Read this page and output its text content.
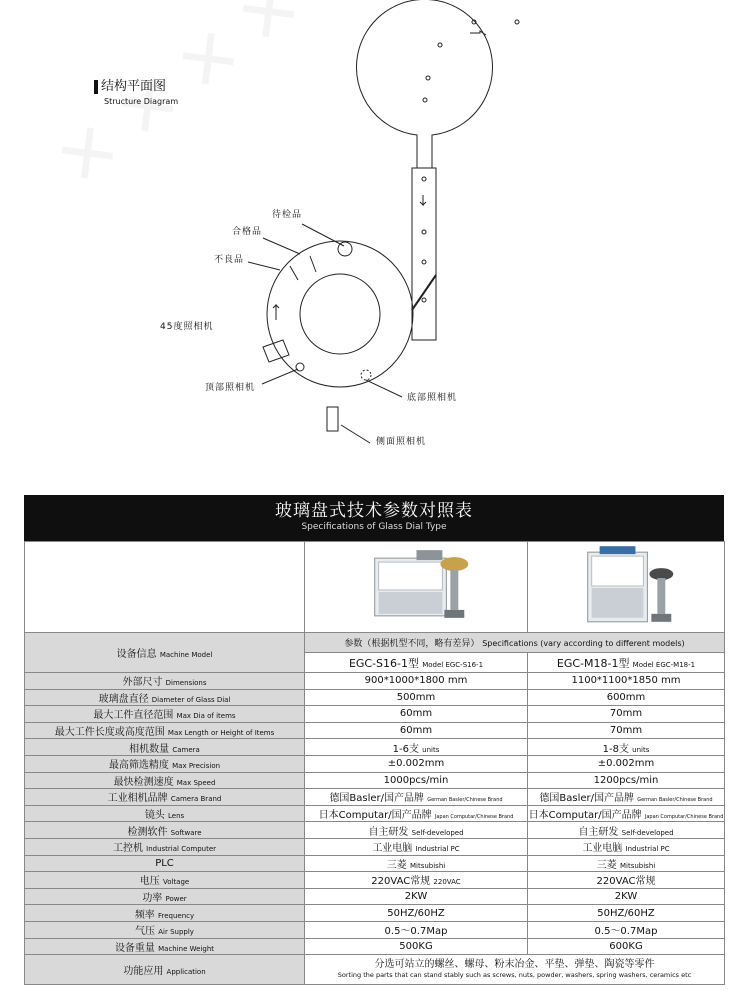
结构平面图
Structure Diagram
待检品
合格品
不良品
45度照相机
顶部照相机
底部照相机
侧面照相机
玻璃盘式技术参数对照表
Specifications of Glass Dial Type

设备信息 Machine Model	参数（根据机型不同，略有差异） Specifications (vary according to different models)	
	EGC-S16-1型 Model EGC-S16-1	EGC-M18-1型 Model EGC-M18-1
外部尺寸 Dimensions	900*1000*1800 mm	1100*1100*1850 mm
玻璃盘直径 Diameter of Glass Dial	500mm	600mm
最大工件直径范围 Max Dia of items	60mm	70mm
最大工件长度或高度范围 Max Length or Height of Items	60mm	70mm
相机数量 Camera	1-6支 units	1-8支 units
最高筛选精度 Max Precision	±0.002mm	±0.002mm
最快检测速度 Max Speed	1000pcs/min	1200pcs/min
工业相机品牌 Camera Brand	德国Basler/国产品牌 German Basler/Chinese Brand	德国Basler/国产品牌 German Basler/Chinese Brand
镜头 Lens	日本Computar/国产品牌 Japan Computar/Chinese Brand	日本Computar/国产品牌 Japan Computar/Chinese Brand
检测软件 Software	自主研发 Self-developed	自主研发 Self-developed
工控机 Industrial Computer	工业电脑 Industrial PC	工业电脑 Industrial PC
PLC	三菱 Mitsubishi	三菱 Mitsubishi
电压 Voltage	220VAC常规 220VAC	220VAC常规
功率 Power	2KW	2KW
频率 Frequency	50HZ/60HZ	50HZ/60HZ
气压 Air Supply	0.5～0.7Map	0.5～0.7Map
设备重量 Machine Weight	500KG	600KG
功能应用 Application	分选可站立的螺丝、螺母、粉末冶金、平垫、弹垫、陶瓷等零件
Sorting the parts that can stand stably such as screws, nuts, powder, washers, spring washers, ceramics etc	
